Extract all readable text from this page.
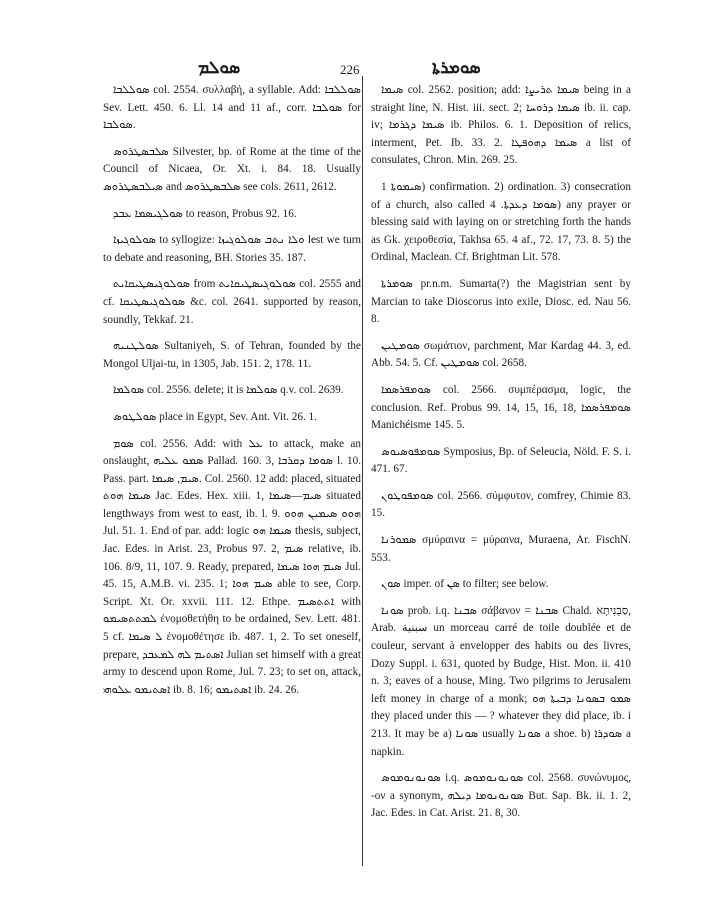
ܣܘܠܡ	226	ܣܘܡܪܬܐ

ܣܘܠܠܒܐ col. 2554. συλλαβή, a syllable. Add: ܣܘܠܠܒܐ Sev. Lett. 450. 6. Ll. 14 and 11 af., corr. ܣܘܠܒܐ for ܣܘܠܒܐ.

ܣܠܒܣܛܪܘܣ Silvester, bp. of Rome at the time of the Council of Nicaea, Or. Xt. i. 84. 18. Usually ܣܝܠܒܣܛܪܘܣ and ܣܠܒܣܛܪܘܣ see cols. 2611, 2612.

ܣܘܠܓܝܣܡܐ ܥܒܕ to reason, Probus 92. 16.

ܣܘܠܘܓܝܙܐ to syllogize: ܘܠܐ ܢܬܒ ܣܘܠܘܓܝܙܐ lest we turn to debate and reasoning, BH. Stories 35. 187.

ܣܘܠܘܓܝܣܛܝܩܐܝܬ from ܣܘܠܘܓܝܣܛܝܩܐܝܬ col. 2555 and cf. ܣܘܠܘܓܝܣܛܝܩܐ &c. col. 2641. supported by reason, soundly, Tekkaf. 21.

ܣܘܠܛܢܝܗ Sultaniyeh, S. of Tehran, founded by the Mongol Uljai-tu, in 1305, Jab. 151. 2, 178. 11.

ܣܘܠܡܐ col. 2556. delete; it is ܣܘܠܡܐ q.v. col. 2639.

ܣܘܠܛܘܣ place in Egypt, Sev. Ant. Vit. 26. 1.

ܣܘܡ col. 2556. Add: with ܥܠ to attack, make an onslaught, ܣܡܘ ܥܠܝܗ Pallad. 160. 3, ܣܘܡܐ ܕܩܪܒܐ l. 10. Pass. part. ܣܝܡ, ܣܝܡܐ. Col. 2560. 12 add: placed, situated ܣܝܡܐ ܗܘܬ Jac. Edes. Hex. xiii. 1, ܣܝܡ—ܣܝܡܐ situated lengthways from west to east, ib. l. 9. ܗܘܘ ܣܝܡܝܢ ܗܘܘ Jul. 51. 1. End of par. add: logic ܣܝܡܐ ܗܘ thesis, subject, Jac. Edes. in Arist. 23, Probus 97. 2, ܣܝܡ relative, ib. 106. 8/9, 11, 107. 9. Ready, prepared, ܣܝܡ ܗܘܐ ܣܝܡܐ Jul. 45. 15, A.M.B. vi. 235. 1; ܣܝܡ ܗܘܐ able to see, Corp. Script. Xt. Or. xxvii. 111. 12. Ethpe. ܐܬܬܣܝܡ with ܠܡܬܬܣܝܡܘ ἐνομοθετήθη to be ordained, Sev. Lett. 481. 5 cf. ܠ ܣܝܡܐ ἐνομοθέτησε ib. 487. 1, 2. To set oneself, prepare, ܐܣܬܝܡ ܠܗ ܠܡܥܒܕ Julian set himself with a great army to descend upon Rome, Jul. 7. 23; to set on, attack, ܐܣܬܝܡܘ ܥܠܘܗܝ ib. 8. 16; ܐܣܬܝܡܘ ib. 24. 26.

ܣܝܡܐ col. 2562. position; add: ܣܝܡܐ ܬܪܝܨܐ being in a straight line, N. Hist. iii. sect. 2; ܣܝܡܐ ܕܪܘܚܐ ib. ii. cap. iv; ܣܝܡܐ ܕܓܪܡܐ ib. Philos. 6. 1. Deposition of relics, interment, Pet. Ib. 33. 2. ܣܝܡܐ ܕܗܘܦܛܐ a list of consulates, Chron. Min. 269. 25.

ܣܝܡܘܬܐ 1) confirmation. 2) ordination. 3) consecration of a church, also called ܣܘܡܐ ܕܥܕܬܐ. 4) any prayer or blessing said with laying on or stretching forth the hands as Gk. χειροθεσία, Takhsa 65. 4 af., 72. 17, 73. 8. 5) the Ordinal, Maclean. Cf. Brightman Lit. 578.

ܣܘܡܪܬܐ pr.n.m. Sumarta(?) the Magistrian sent by Marcian to take Dioscorus into exile, Diosc. ed. Nau 56. 8.

ܣܘܡܛܝܢ σωμάτιον, parchment, Mar Kardag 44. 3, ed. Abb. 54. 5. Cf. ܣܘܡܛܝܢ col. 2658.

ܣܘܡܦܪܣܡܐ col. 2566. συμπέρασμα, logic, the conclusion. Ref. Probus 99. 14, 15, 16, 18, ܣܘܡܦܪܣܡܐ Manichéisme 145. 5.

ܣܘܡܦܘܣܝܘܣ Symposius, Bp. of Seleucia, Nöld. F. S. i. 471. 67.

ܣܘܡܦܘܛܘܢ col. 2566. σύμφυτον, comfrey, Chimie 83. 15.

ܣܡܘܪܢܐ σμύραινα = μύραινα, Muraena, Ar. FischN. 553.

ܣܘܢ imper. of ܣܢ to filter; see below.

ܣܘܢܐ prob. i.q. ܣܒܢܐ σάβανον = ܣܒܢܐ Chald. סַבְנִיתָא, Arab. سبنية un morceau carré de toile doublée et de couleur, servant à envelopper des habits ou des livres, Dozy Suppl. i. 631, quoted by Budge, Hist. Mon. ii. 410 n. 3; eaves of a house, Ming. Two pilgrims to Jerusalem left money in charge of a monk; ܣܡܘ ܒܣܘܢܐ ܕܒܝܬܐ ܗܘ they placed under this — ? whatever they did place, ib. i 213. It may be a) ܣܘܢܐ usually ܣܘܢܐ a shoe. b) ܣܘܕܪܐ a napkin.

ܣܘܢܘܢܘܡܘܣ i.q. ܣܘܢܘܢܘܡܘܣ col. 2568. συνώνυμος, -ον a synonym, ܣܘܢܘܢܘܡܐ ܕܝܠܗ But. Sap. Bk. ii. 1. 2, Jac. Edes. in Cat. Arist. 21. 8, 30.
